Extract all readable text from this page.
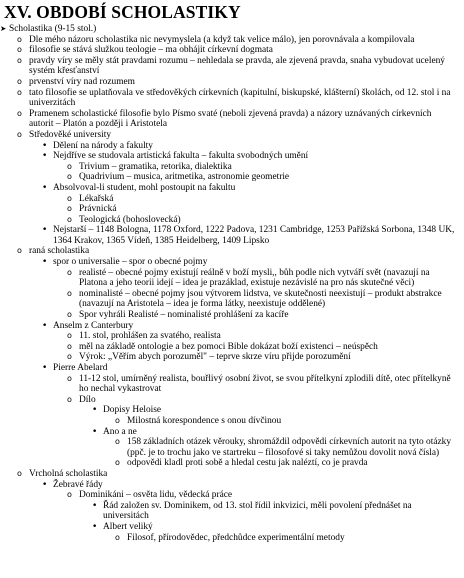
XV. OBDOBÍ SCHOLASTIKY
➤ Scholastika (9-15 stol.)
o Dle mého názoru scholastika nic nevymyslela (a když tak velice málo), jen porovnávala a kompilovala
o filosofie se stává služkou teologie – ma obhájit církevní dogmata
o pravdy víry se měly stát pravdami rozumu – nehledala se pravda, ale zjevená pravda, snaha vybudovat ucelený systém křesťanství
o prvenství víry nad rozumem
o tato filosofie se uplatňovala ve středověkých církevních (kapitulní, biskupské, klášterní) školách, od 12. stol i na univerzitách
o Pramenem scholastické filosofie bylo Písmo svaté (neboli zjevená pravda) a názory uznávaných církevních autorit – Platón a později i Aristotela
o Středověké university
• Dělení na národy a fakulty
• Nejdříve se studovala artistická fakulta – fakulta svobodných umění
o Trivium – gramatika, retorika, dialektika
o Quadrivium – musica, aritmetika, astronomie geometrie
• Absolvoval-li student, mohl postoupit na fakultu
o Lékařská
o Právnická
o Teologická (bohoslovecká)
• Nejstarší – 1148 Bologna, 1178 Oxford, 1222 Padova, 1231 Cambridge, 1253 Pařížská Sorbona, 1348 UK, 1364 Krakov, 1365 Vídeň, 1385 Heidelberg, 1409 Lipsko
o raná scholastika
• spor o universalie – spor o obecné pojmy
o realisté – obecné pojmy existují reálně v boží mysli,, bůh podle nich vytváří svět (navazují na Platona a jeho teorii idejí – idea je prazáklad, existuje nezávislé na pro nás skutečné věci)
o nominalisté – obecné pojmy jsou výtvorem lidstva, ve skutečnosti neexistují – produkt abstrakce (navazují na Aristotela – idea je forma látky, neexistuje oddělené)
o Spor vyhráli Realisté – nominalisté prohlášení za kacíře
• Anselm z Canterbury
o 11. stol, prohlášen za svatého, realista
o měl na základě ontologie a bez pomoci Bible dokázat boží existenci – neúspěch
o Výrok: „Věřím abych porozuměl" – teprve skrze víru přijde porozumění
• Pierre Abelard
o 11-12 stol, umírněný realista, bouřlivý osobní život, se svou přítelkyní zplodili dítě, otec přítelkyně ho nechal vykastrovat
o Dílo
• Dopisy Heloise
o Milostná korespondence s onou dívčinou
• Ano a ne
o 158 základních otázek věrouky, shromáždil odpovědi církevních autorit na tyto otázky (ppč. je to trochu jako ve startreku – filosofové si taky nemůžou dovolit nová čísla)
o odpovědi kladl proti sobě a hledal cestu jak naléztí, co je pravda
o Vrcholná scholastika
• Žebravé řády
o Dominikáni – osvěta lidu, vědecká práce
• Řád založen sv. Dominikem, od 13. stol řídil inkvizici, měli povolení přednášet na universitách
• Albert veliký
o Filosof, přírodovědec, předchůdce experimentální metody
